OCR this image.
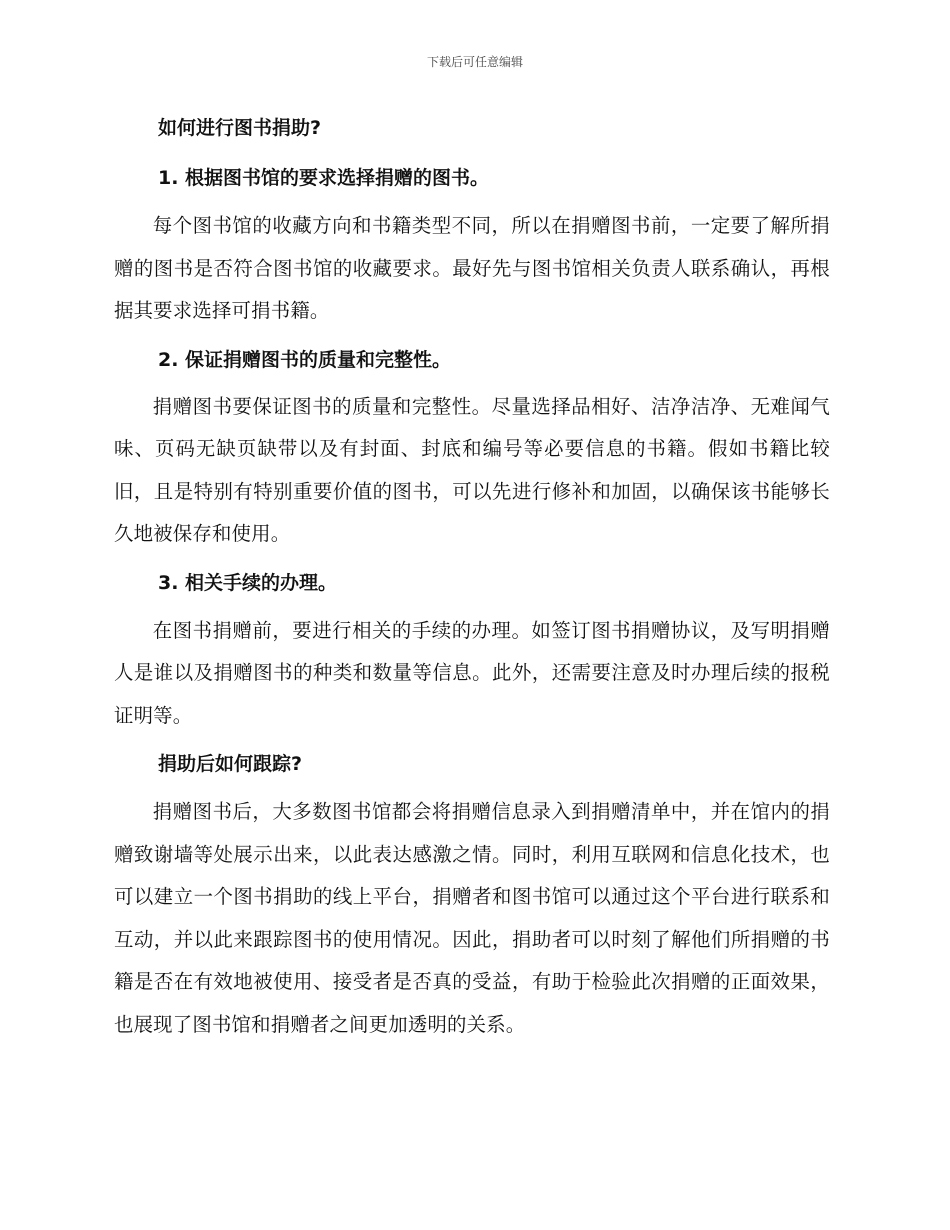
下载后可任意编辑
如何进行图书捐助?
1. 根据图书馆的要求选择捐赠的图书。

每个图书馆的收藏方向和书籍类型不同，所以在捐赠图书前，一定要了解所捐赠的图书是否符合图书馆的收藏要求。最好先与图书馆相关负责人联系确认，再根据其要求选择可捐书籍。

2. 保证捐赠图书的质量和完整性。

捐赠图书要保证图书的质量和完整性。尽量选择品相好、洁净洁净、无难闻气味、页码无缺页缺带以及有封面、封底和编号等必要信息的书籍。假如书籍比较旧，且是特别有特别重要价值的图书，可以先进行修补和加固，以确保该书能够长久地被保存和使用。

3. 相关手续的办理。

在图书捐赠前，要进行相关的手续的办理。如签订图书捐赠协议，及写明捐赠人是谁以及捐赠图书的种类和数量等信息。此外，还需要注意及时办理后续的报税证明等。

捐助后如何跟踪?

捐赠图书后，大多数图书馆都会将捐赠信息录入到捐赠清单中，并在馆内的捐赠致谢墙等处展示出来，以此表达感激之情。同时，利用互联网和信息化技术，也可以建立一个图书捐助的线上平台，捐赠者和图书馆可以通过这个平台进行联系和互动，并以此来跟踪图书的使用情况。因此，捐助者可以时刻了解他们所捐赠的书籍是否在有效地被使用、接受者是否真的受益，有助于检验此次捐赠的正面效果，也展现了图书馆和捐赠者之间更加透明的关系。
